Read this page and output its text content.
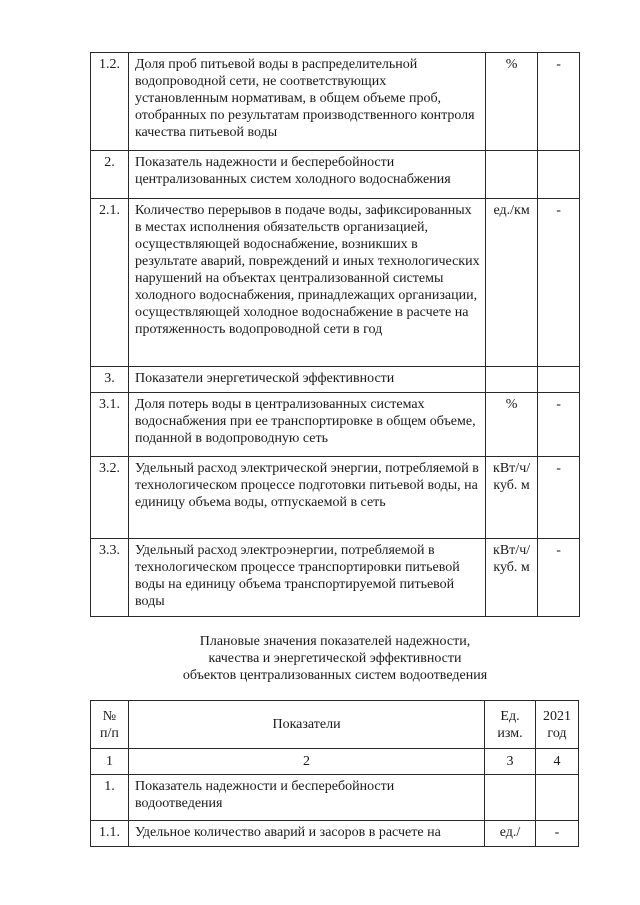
1.2.	Доля проб питьевой воды в распределительной водопроводной сети, не соответствующих установленным нормативам, в общем объеме проб, отобранных по результатам производственного контроля качества питьевой воды	%	-
2.	Показатель надежности и бесперебойности централизованных систем холодного водоснабжения		
2.1.	Количество перерывов в подаче воды, зафиксированных в местах исполнения обязательств организацией, осуществляющей водоснабжение, возникших в результате аварий, повреждений и иных технологических нарушений на объектах централизованной системы холодного водоснабжения, принадлежащих организации, осуществляющей холодное водоснабжение в расчете на протяженность водопроводной сети в год	ед./км	-
3.	Показатели энергетической эффективности		
3.1.	Доля потерь воды в централизованных системах водоснабжения при ее транспортировке в общем объеме, поданной в водопроводную сеть	%	-
3.2.	Удельный расход электрической энергии, потребляемой в технологическом процессе подготовки питьевой воды, на единицу объема воды, отпускаемой в сеть	кВт/ч/ куб. м	-
3.3.	Удельный расход электроэнергии, потребляемой в технологическом процессе транспортировки питьевой воды на единицу объема транспортируемой питьевой воды	кВт/ч/ куб. м	-
Плановые значения показателей надежности,
качества и энергетической эффективности
объектов централизованных систем водоотведения
№ п/п	Показатели	Ед. изм.	2021 год
1	2	3	4
1.	Показатель надежности и бесперебойности водоотведения		
1.1.	Удельное количество аварий и засоров в расчете на	ед./	-
